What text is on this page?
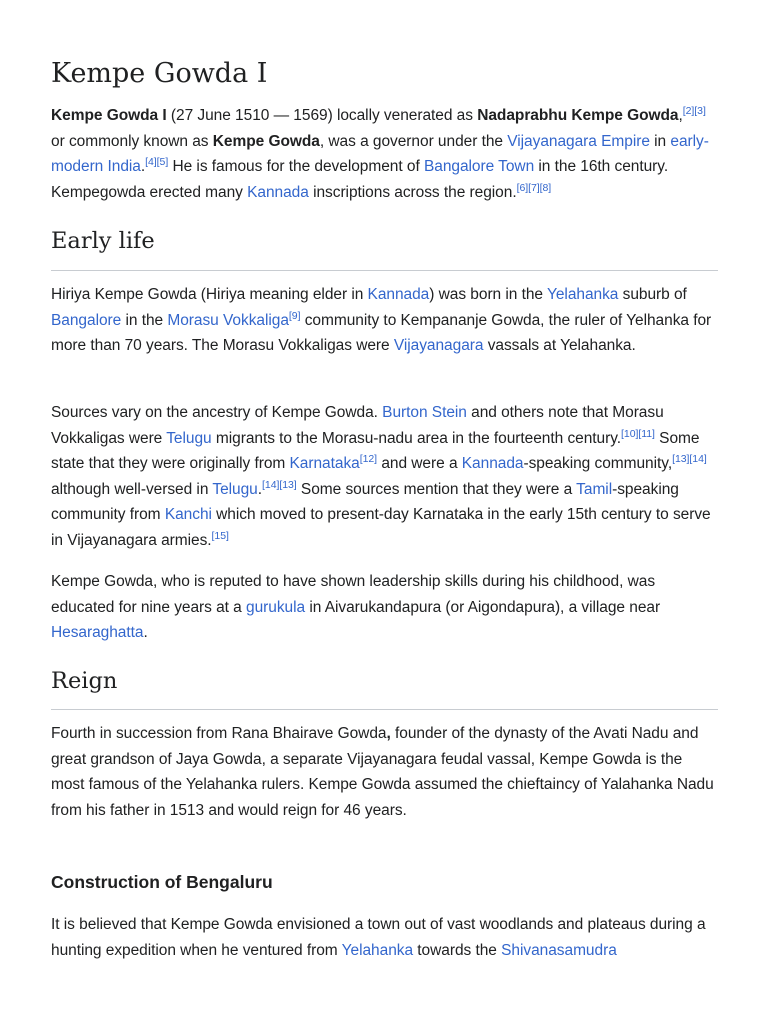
Kempe Gowda I

Kempe Gowda I (27 June 1510 — 1569) locally venerated as Nadaprabhu Kempe Gowda,[2][3] or commonly known as Kempe Gowda, was a governor under the Vijayanagara Empire in early-modern India.[4][5] He is famous for the development of Bangalore Town in the 16th century. Kempegowda erected many Kannada inscriptions across the region.[6][7][8]

Early life

Hiriya Kempe Gowda (Hiriya meaning elder in Kannada) was born in the Yelahanka suburb of Bangalore in the Morasu Vokkaliga[9] community to Kempananje Gowda, the ruler of Yelhanka for more than 70 years. The Morasu Vokkaligas were Vijayanagara vassals at Yelahanka.

Sources vary on the ancestry of Kempe Gowda. Burton Stein and others note that Morasu Vokkaligas were Telugu migrants to the Morasu-nadu area in the fourteenth century.[10][11] Some state that they were originally from Karnataka[12] and were a Kannada-speaking community,[13][14] although well-versed in Telugu.[14][13] Some sources mention that they were a Tamil-speaking community from Kanchi which moved to present-day Karnataka in the early 15th century to serve in Vijayanagara armies.[15]

Kempe Gowda, who is reputed to have shown leadership skills during his childhood, was educated for nine years at a gurukula in Aivarukandapura (or Aigondapura), a village near Hesaraghatta.

Reign

Fourth in succession from Rana Bhairave Gowda, founder of the dynasty of the Avati Nadu and great grandson of Jaya Gowda, a separate Vijayanagara feudal vassal, Kempe Gowda is the most famous of the Yelahanka rulers. Kempe Gowda assumed the chieftaincy of Yalahanka Nadu from his father in 1513 and would reign for 46 years.

Construction of Bengaluru

It is believed that Kempe Gowda envisioned a town out of vast woodlands and plateaus during a hunting expedition when he ventured from Yelahanka towards the Shivanasamudra
